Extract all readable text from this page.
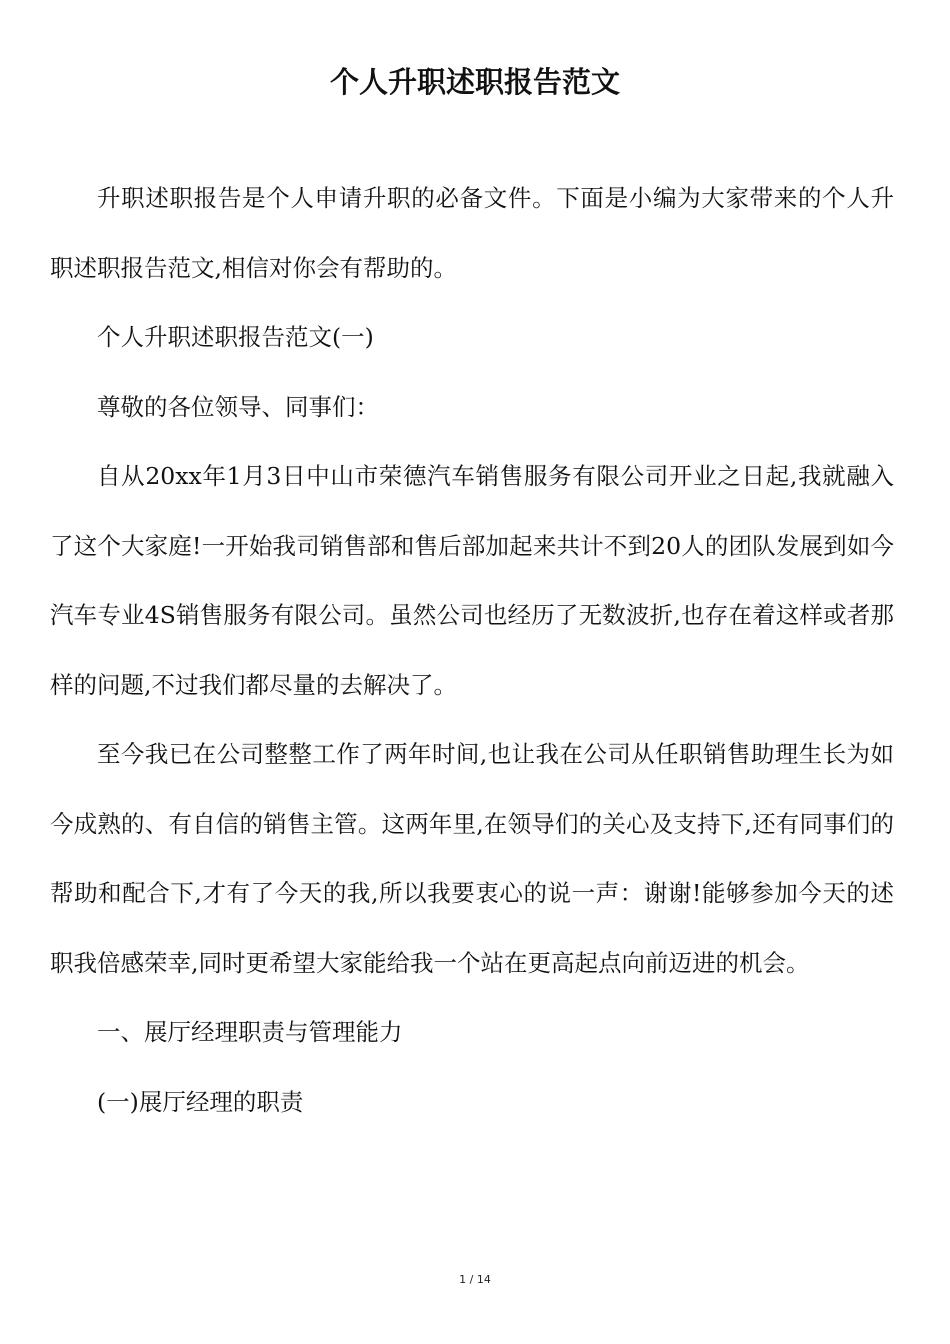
个人升职述职报告范文

升职述职报告是个人申请升职的必备文件。下面是小编为大家带来的个人升职述职报告范文,相信对你会有帮助的。

个人升职述职报告范文(一)

尊敬的各位领导、同事们：

自从20xx年1月3日中山市荣德汽车销售服务有限公司开业之日起,我就融入了这个大家庭!一开始我司销售部和售后部加起来共计不到20人的团队发展到如今汽车专业4S销售服务有限公司。虽然公司也经历了无数波折,也存在着这样或者那样的问题,不过我们都尽量的去解决了。

至今我已在公司整整工作了两年时间,也让我在公司从任职销售助理生长为如今成熟的、有自信的销售主管。这两年里,在领导们的关心及支持下,还有同事们的帮助和配合下,才有了今天的我,所以我要衷心的说一声：谢谢!能够参加今天的述职我倍感荣幸,同时更希望大家能给我一个站在更高起点向前迈进的机会。

一、展厅经理职责与管理能力

(一)展厅经理的职责

1 / 14
